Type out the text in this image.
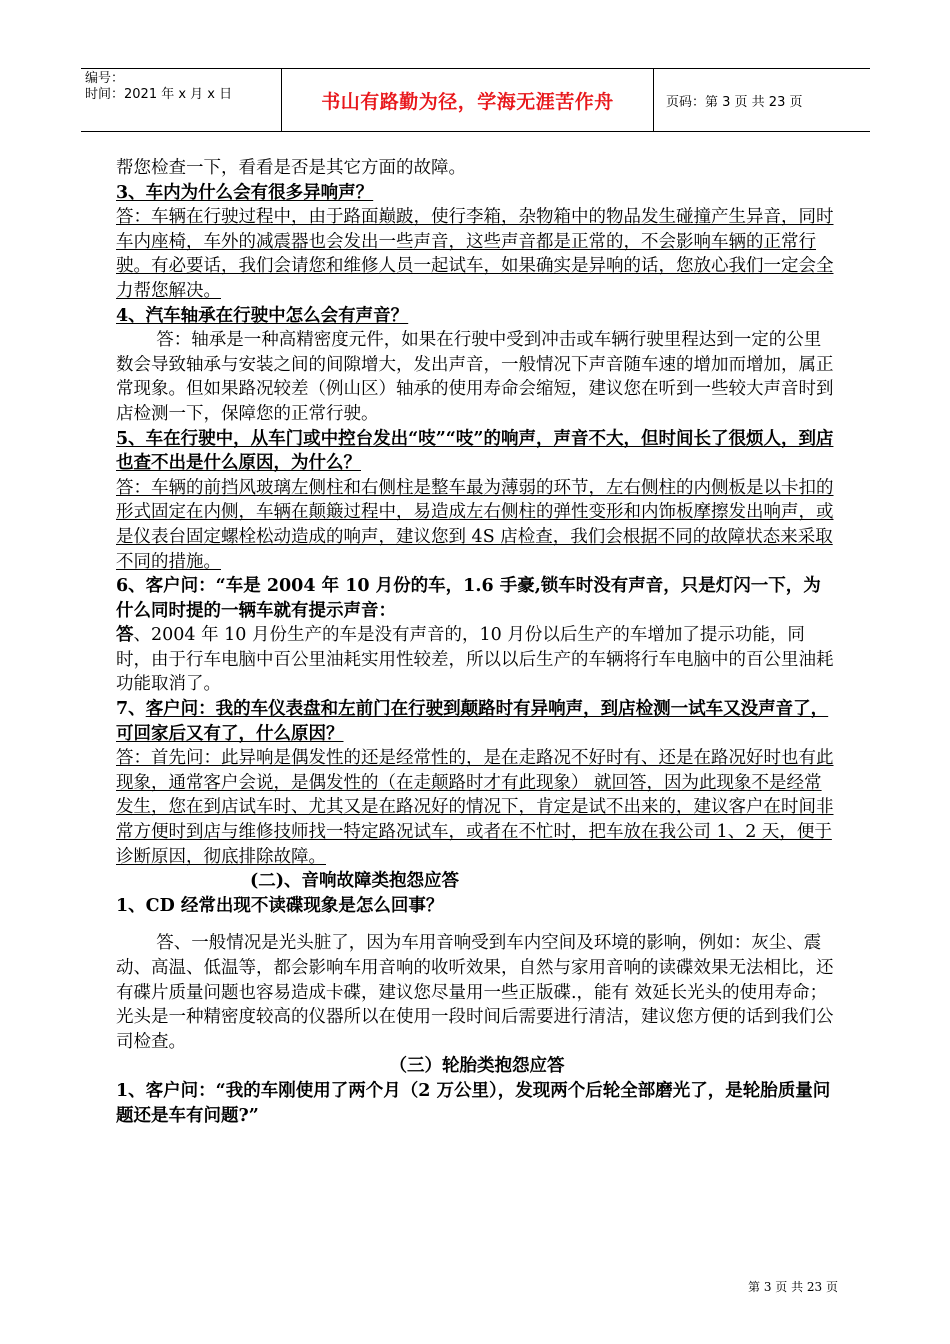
编号：
时间：2021 年 x 月 x 日	书山有路勤为径，学海无涯苦作舟	页码：第 3 页 共 23 页

帮您检查一下，看看是否是其它方面的故障。

3、车内为什么会有很多异响声？

答：车辆在行驶过程中，由于路面巅跛，使行李箱，杂物箱中的物品发生碰撞产生异音，同时车内座椅，车外的减震器也会发出一些声音，这些声音都是正常的，不会影响车辆的正常行驶。有必要话，我们会请您和维修人员一起试车，如果确实是异响的话，您放心我们一定会全力帮您解决。

4、汽车轴承在行驶中怎么会有声音？

答：轴承是一种高精密度元件，如果在行驶中受到冲击或车辆行驶里程达到一定的公里数会导致轴承与安装之间的间隙增大，发出声音，一般情况下声音随车速的增加而增加，属正常现象。但如果路况较差（例山区）轴承的使用寿命会缩短，建议您在听到一些较大声音时到店检测一下，保障您的正常行驶。

5、车在行驶中，从车门或中控台发出“吱”“吱”的响声，声音不大，但时间长了很烦人，到店也查不出是什么原因，为什么？

答：车辆的前挡风玻璃左侧柱和右侧柱是整车最为薄弱的环节，左右侧柱的内侧板是以卡扣的形式固定在内侧，车辆在颠簸过程中，易造成左右侧柱的弹性变形和内饰板摩擦发出响声，或是仪表台固定螺栓松动造成的响声，建议您到 4S 店检查，我们会根据不同的故障状态来采取不同的措施。

6、客户问：“车是 2004 年 10 月份的车，1.6 手豪,锁车时没有声音，只是灯闪一下，为什么同时提的一辆车就有提示声音：

答、2004 年 10 月份生产的车是没有声音的，10 月份以后生产的车增加了提示功能，同时，由于行车电脑中百公里油耗实用性较差，所以以后生产的车辆将行车电脑中的百公里油耗功能取消了。

7、客户问：我的车仪表盘和左前门在行驶到颠路时有异响声，到店检测一试车又没声音了，可回家后又有了，什么原因？

答：首先问：此异响是偶发性的还是经常性的，是在走路况不好时有、还是在路况好时也有此现象，通常客户会说，是偶发性的（在走颠路时才有此现象） 就回答，因为此现象不是经常发生，您在到店试车时、尤其又是在路况好的情况下，肯定是试不出来的，建议客户在时间非常方便时到店与维修技师找一特定路况试车，或者在不忙时，把车放在我公司 1、2 天，便于诊断原因，彻底排除故障。

(二)、音响故障类抱怨应答

1、CD 经常出现不读碟现象是怎么回事？

答、一般情况是光头脏了，因为车用音响受到车内空间及环境的影响，例如：灰尘、震动、高温、低温等，都会影响车用音响的收听效果，自然与家用音响的读碟效果无法相比，还有碟片质量问题也容易造成卡碟，建议您尽量用一些正版碟.，能有 效延长光头的使用寿命；光头是一种精密度较高的仪器所以在使用一段时间后需要进行清洁，建议您方便的话到我们公司检查。

（三）轮胎类抱怨应答

1、客户问：“我的车刚使用了两个月（2 万公里），发现两个后轮全部磨光了，是轮胎质量问题还是车有问题?”

第 3 页 共 23 页
